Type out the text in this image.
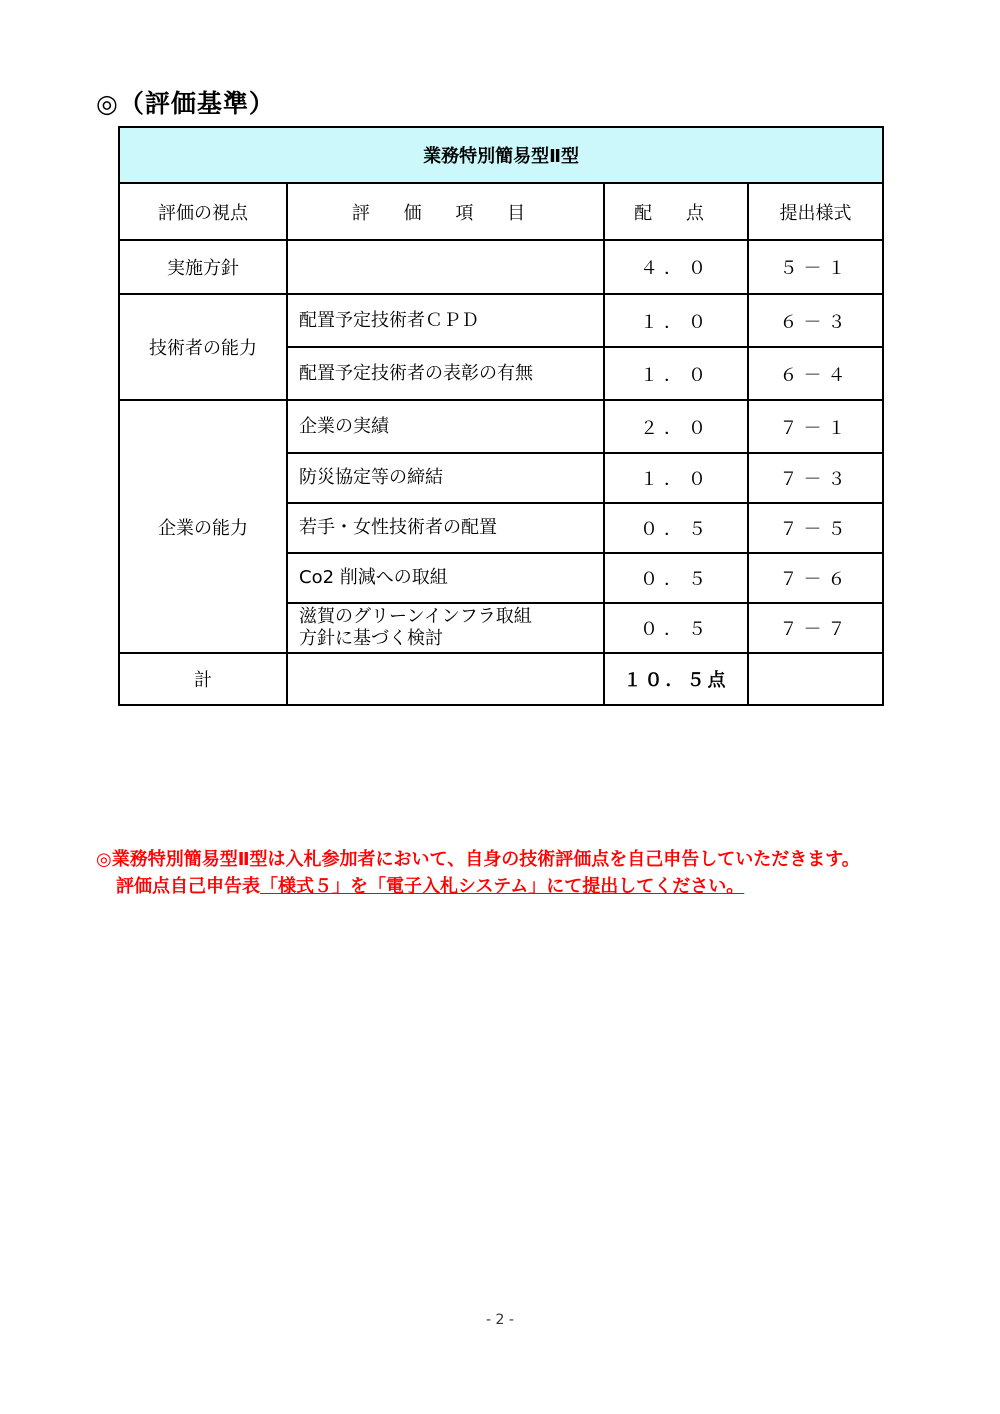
◎（評価基準）
業務特別簡易型Ⅱ型			
評価の視点	評 価 項 目	配 点	提出様式
実施方針		４．０	５－１
技術者の能力	配置予定技術者ＣＰＤ	１．０	６－３
	配置予定技術者の表彰の有無	１．０	６－４
企業の能力	企業の実績	２．０	７－１
	防災協定等の締結	１．０	７－３
	若手・女性技術者の配置	０．５	７－５
	Co2 削減への取組	０．５	７－６
	滋賀のグリーンインフラ取組
方針に基づく検討	０．５	７－７
計		１０．５点	
◎業務特別簡易型Ⅱ型は入札参加者において、自身の技術評価点を自己申告していただきます。
評価点自己申告表「様式５」を「電子入札システム」にて提出してください。
- 2 -
